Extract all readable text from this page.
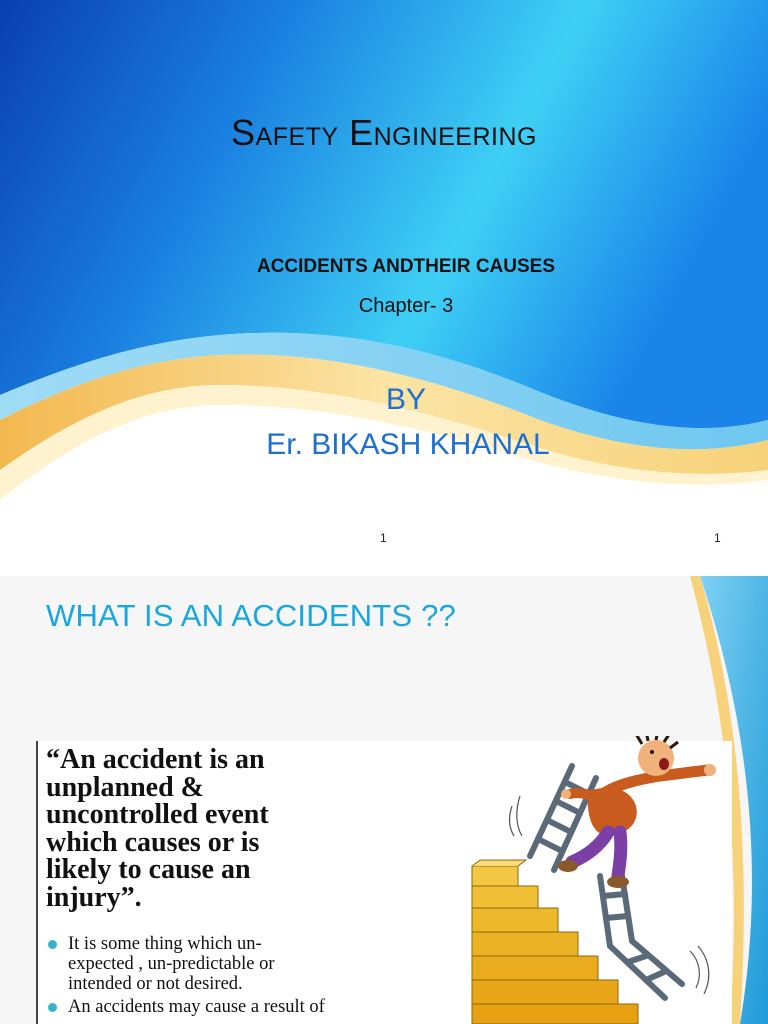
Safety Engineering
ACCIDENTS ANDTHEIR CAUSES
Chapter- 3
BY
Er. BIKASH KHANAL
1	1
WHAT IS AN ACCIDENTS ??
“An accident is an
unplanned &
uncontrolled event
which causes or is
likely to cause an
injury”.
It is some thing which un-
expected , un-predictable or
intended or not desired.
An accidents may cause a result of
